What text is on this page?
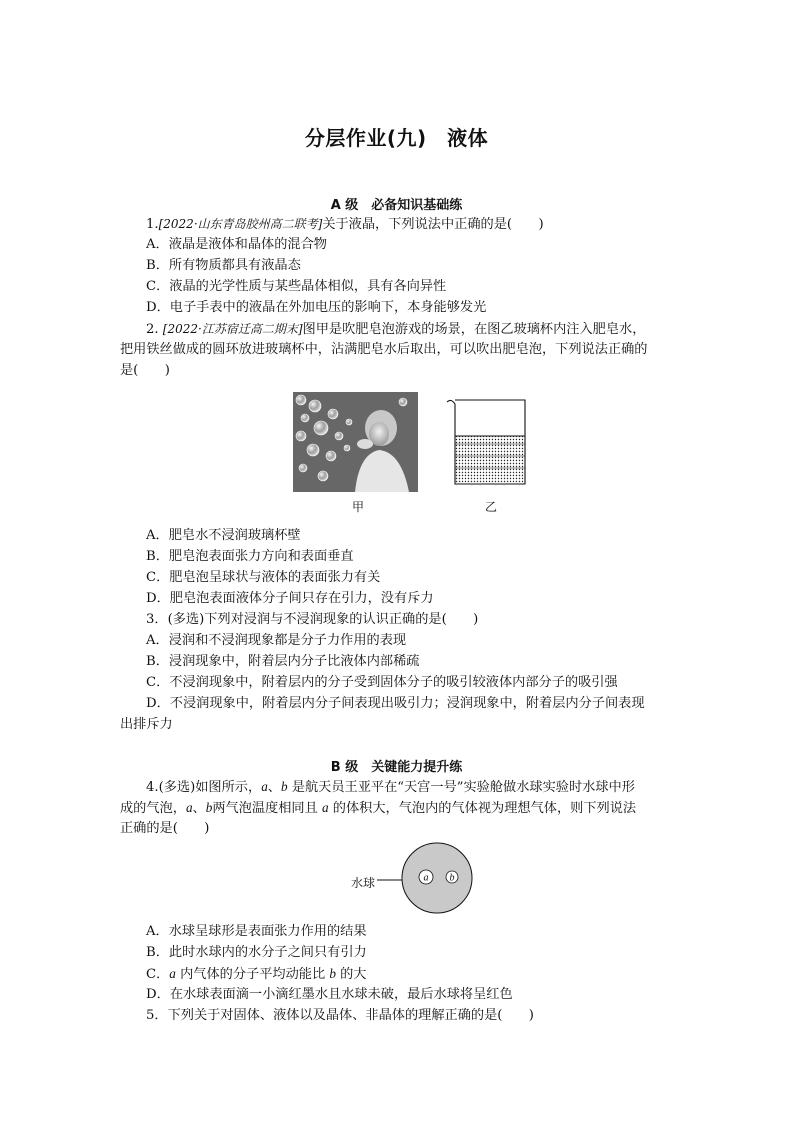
分层作业(九)　液体
A 级　必备知识基础练
1.[2022·山东青岛胶州高二联考]关于液晶，下列说法中正确的是(　　)
A．液晶是液体和晶体的混合物
B．所有物质都具有液晶态
C．液晶的光学性质与某些晶体相似，具有各向异性
D．电子手表中的液晶在外加电压的影响下，本身能够发光
2. [2022·江苏宿迁高二期末]图甲是吹肥皂泡游戏的场景，在图乙玻璃杯内注入肥皂水，
把用铁丝做成的圆环放进玻璃杯中，沾满肥皂水后取出，可以吹出肥皂泡，下列说法正确的
是(　　)
甲	乙
A．肥皂水不浸润玻璃杯壁
B．肥皂泡表面张力方向和表面垂直
C．肥皂泡呈球状与液体的表面张力有关
D．肥皂泡表面液体分子间只存在引力，没有斥力
3．(多选)下列对浸润与不浸润现象的认识正确的是(　　)
A．浸润和不浸润现象都是分子力作用的表现
B．浸润现象中，附着层内分子比液体内部稀疏
C．不浸润现象中，附着层内的分子受到固体分子的吸引较液体内部分子的吸引强
D．不浸润现象中，附着层内分子间表现出吸引力；浸润现象中，附着层内分子间表现
出排斥力
B 级　关键能力提升练
4.(多选)如图所示，a、b 是航天员王亚平在“天宫一号”实验舱做水球实验时水球中形
成的气泡，a、b两气泡温度相同且 a 的体积大，气泡内的气体视为理想气体，则下列说法
正确的是(　　)
水球	a b
A．水球呈球形是表面张力作用的结果
B．此时水球内的水分子之间只有引力
C．a 内气体的分子平均动能比 b 的大
D．在水球表面滴一小滴红墨水且水球未破，最后水球将呈红色
5．下列关于对固体、液体以及晶体、非晶体的理解正确的是(　　)
